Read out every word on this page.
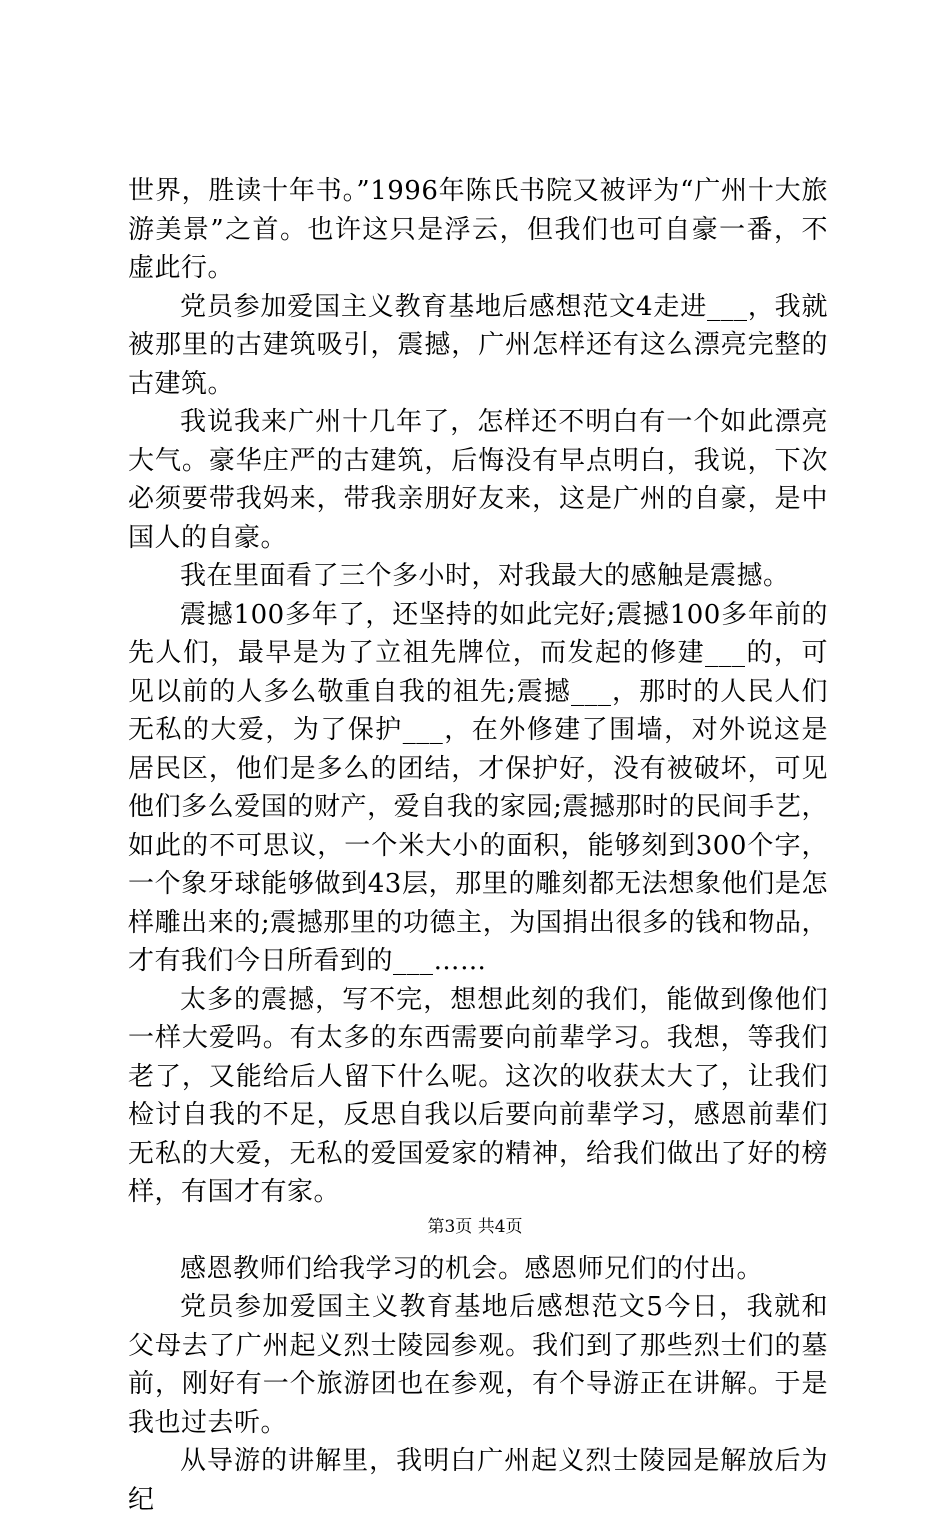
世界，胜读十年书。”1996年陈氏书院又被评为“广州十大旅游美景”之首。也许这只是浮云，但我们也可自豪一番，不虚此行。

党员参加爱国主义教育基地后感想范文4走进___，我就被那里的古建筑吸引，震撼，广州怎样还有这么漂亮完整的古建筑。

我说我来广州十几年了，怎样还不明白有一个如此漂亮大气。豪华庄严的古建筑，后悔没有早点明白，我说，下次必须要带我妈来，带我亲朋好友来，这是广州的自豪，是中国人的自豪。

我在里面看了三个多小时，对我最大的感触是震撼。

震撼100多年了，还坚持的如此完好;震撼100多年前的先人们，最早是为了立祖先牌位，而发起的修建___的，可见以前的人多么敬重自我的祖先;震撼___，那时的人民人们无私的大爱，为了保护___，在外修建了围墙，对外说这是居民区，他们是多么的团结，才保护好，没有被破坏，可见他们多么爱国的财产，爱自我的家园;震撼那时的民间手艺，如此的不可思议，一个米大小的面积，能够刻到300个字，一个象牙球能够做到43层，那里的雕刻都无法想象他们是怎样雕出来的;震撼那里的功德主，为国捐出很多的钱和物品，才有我们今日所看到的___……

太多的震撼，写不完，想想此刻的我们，能做到像他们一样大爱吗。有太多的东西需要向前辈学习。我想，等我们老了，又能给后人留下什么呢。这次的收获太大了，让我们检讨自我的不足，反思自我以后要向前辈学习，感恩前辈们无私的大爱，无私的爱国爱家的精神，给我们做出了好的榜样，有国才有家。

感恩教师们给我学习的机会。感恩师兄们的付出。

党员参加爱国主义教育基地后感想范文5今日，我就和父母去了广州起义烈士陵园参观。我们到了那些烈士们的墓前，刚好有一个旅游团也在参观，有个导游正在讲解。于是我也过去听。

从导游的讲解里，我明白广州起义烈士陵园是解放后为纪

第3页 共4页
